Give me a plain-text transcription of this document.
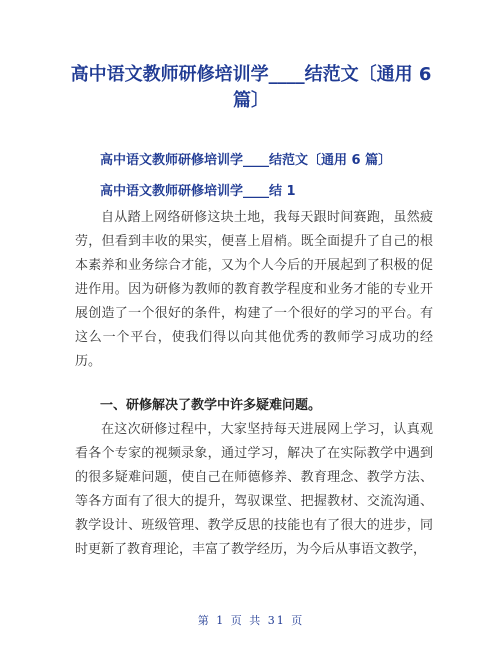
高中语文教师研修培训学____结范文〔通用 6 篇〕
高中语文教师研修培训学____结范文〔通用 6 篇〕
高中语文教师研修培训学____结 1

自从踏上网络研修这块土地，我每天跟时间赛跑，虽然疲劳，但看到丰收的果实，便喜上眉梢。既全面提升了自己的根本素养和业务综合才能，又为个人今后的开展起到了积极的促进作用。因为研修为教师的教育教学程度和业务才能的专业开展创造了一个很好的条件，构建了一个很好的学习的平台。有这么一个平台，使我们得以向其他优秀的教师学习成功的经历。

一、研修解决了教学中许多疑难问题。

在这次研修过程中，大家坚持每天进展网上学习，认真观看各个专家的视频录象，通过学习，解决了在实际教学中遇到的很多疑难问题，使自己在师德修养、教育理念、教学方法、等各方面有了很大的提升，驾驭课堂、把握教材、交流沟通、教学设计、班级管理、教学反思的技能也有了很大的进步，同时更新了教育理论，丰富了教学经历，为今后从事语文教学，

第 1 页 共 31 页
